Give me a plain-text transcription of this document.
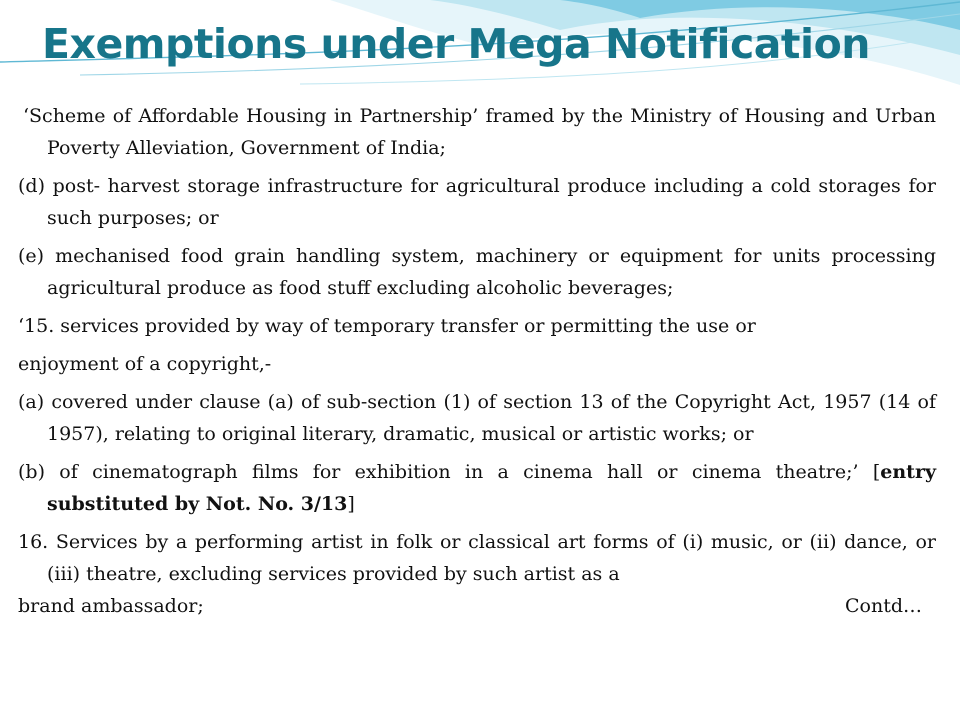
Exemptions under Mega Notification

‘Scheme of Affordable Housing in Partnership’ framed by the Ministry of Housing and Urban Poverty Alleviation, Government of India;

(d) post- harvest storage infrastructure for agricultural produce including a cold storages for such purposes; or

(e) mechanised food grain handling system, machinery or equipment for units processing agricultural produce as food stuff excluding alcoholic beverages;

‘15. services provided by way of temporary transfer or permitting the use or

enjoyment of a copyright,-

(a) covered under clause (a) of sub-section (1) of section 13 of the Copyright Act, 1957 (14 of 1957), relating to original literary, dramatic, musical or artistic works; or

(b) of cinematograph films for exhibition in a cinema hall or cinema theatre;’ [entry substituted by Not. No. 3/13]

16. Services by a performing artist in folk or classical art forms of (i) music, or (ii) dance, or (iii) theatre, excluding services provided by such artist as a
brand ambassador;	Contd…
